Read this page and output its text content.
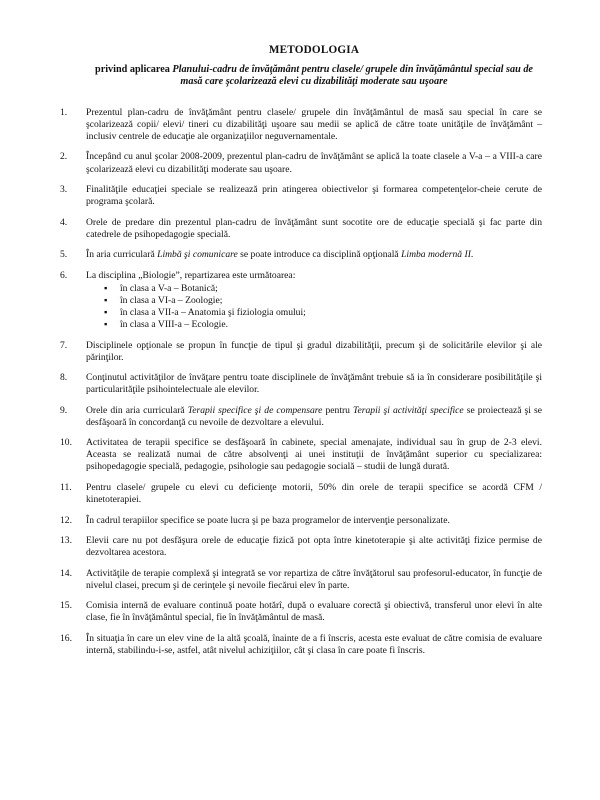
METODOLOGIA
privind aplicarea Planului-cadru de învăţământ pentru clasele/ grupele din învăţământul special sau de masă care şcolarizează elevi cu dizabilităţi moderate sau uşoare
1.	Prezentul plan-cadru de învăţământ pentru clasele/ grupele din învăţământul de masă sau special în care se şcolarizează copii/ elevi/ tineri cu dizabilităţi uşoare sau medii se aplică de către toate unităţile de învăţământ – inclusiv centrele de educaţie ale organizaţiilor neguvernamentale.
2.	Începând cu anul şcolar 2008-2009, prezentul plan-cadru de învăţământ se aplică la toate clasele a V-a – a VIII-a care şcolarizează elevi cu dizabilităţi moderate sau uşoare.
3.	Finalităţile educaţiei speciale se realizează prin atingerea obiectivelor şi formarea competenţelor-cheie cerute de programa şcolară.
4.	Orele de predare din prezentul plan-cadru de învăţământ sunt socotite ore de educaţie specială şi fac parte din catedrele de psihopedagogie specială.
5.	În aria curriculară Limbă şi comunicare se poate introduce ca disciplină opţională Limba modernă II.
6.	La disciplina „Biologie”, repartizarea este următoarea:
▪ în clasa a V-a – Botanică;
▪ în clasa a VI-a – Zoologie;
▪ în clasa a VII-a – Anatomia şi fiziologia omului;
▪ în clasa a VIII-a – Ecologie.
7.	Disciplinele opţionale se propun în funcţie de tipul şi gradul dizabilităţii, precum şi de solicitările elevilor şi ale părinţilor.
8.	Conţinutul activităţilor de învăţare pentru toate disciplinele de învăţământ trebuie să ia în considerare posibilităţile şi particularităţile psihointelectuale ale elevilor.
9.	Orele din aria curriculară Terapii specifice şi de compensare pentru Terapii şi activităţi specifice se proiectează şi se desfăşoară în concordanţă cu nevoile de dezvoltare a elevului.
10.	Activitatea de terapii specifice se desfăşoară în cabinete, special amenajate, individual sau în grup de 2-3 elevi. Aceasta se realizată numai de către absolvenţi ai unei instituţii de învăţământ superior cu specializarea: psihopedagogie specială, pedagogie, psihologie sau pedagogie socială – studii de lungă durată.
11.	Pentru clasele/ grupele cu elevi cu deficienţe motorii, 50% din orele de terapii specifice se acordă CFM / kinetoterapiei.
12.	În cadrul terapiilor specifice se poate lucra şi pe baza programelor de intervenţie personalizate.
13.	Elevii care nu pot desfăşura orele de educaţie fizică pot opta între kinetoterapie şi alte activităţi fizice permise de dezvoltarea acestora.
14.	Activităţile de terapie complexă şi integrată se vor repartiza de către învăţătorul sau profesorul-educator, în funcţie de nivelul clasei, precum şi de cerinţele şi nevoile fiecărui elev în parte.
15.	Comisia internă de evaluare continuă poate hotărî, după o evaluare corectă şi obiectivă, transferul unor elevi în alte clase, fie în învăţământul special, fie în învăţământul de masă.
16.	În situaţia în care un elev vine de la altă şcoală, înainte de a fi înscris, acesta este evaluat de către comisia de evaluare internă, stabilindu-i-se, astfel, atât nivelul achiziţiilor, cât şi clasa în care poate fi înscris.
